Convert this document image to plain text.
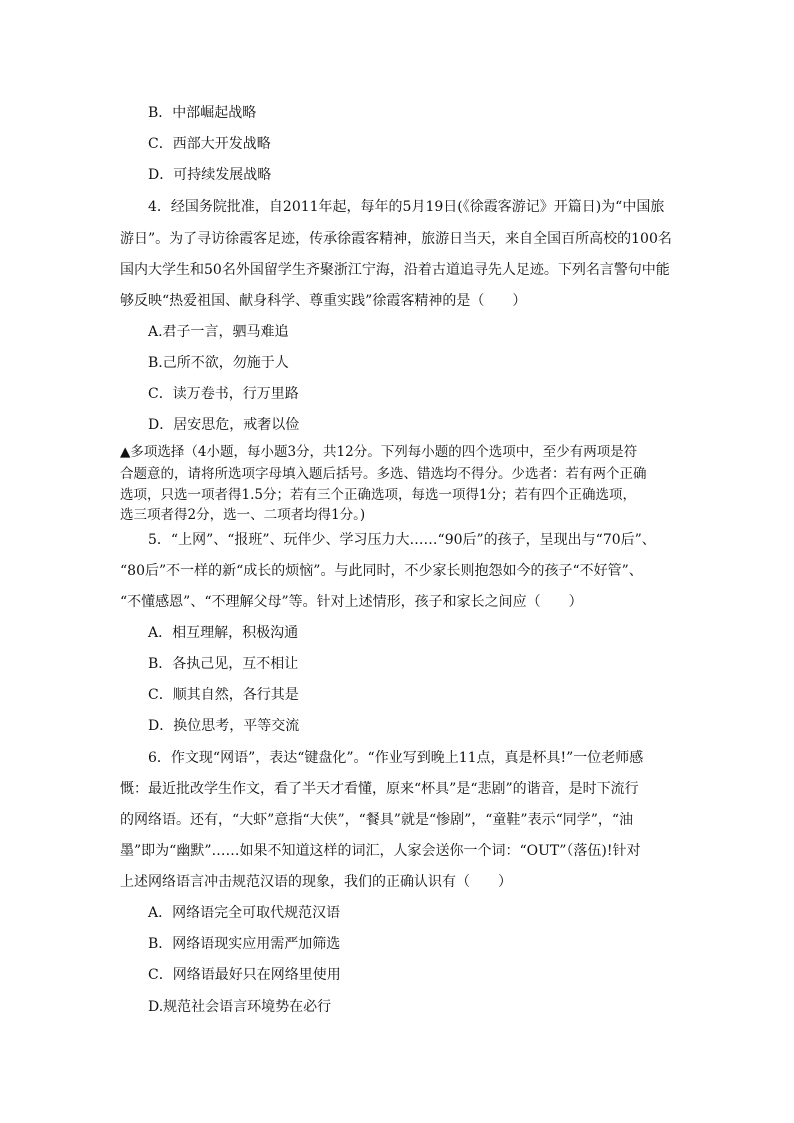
B．中部崛起战略
C．西部大开发战略
D．可持续发展战略
4．经国务院批准，自2011年起，每年的5月19日(《徐霞客游记》开篇日)为“中国旅
游日”。为了寻访徐霞客足迹，传承徐霞客精神，旅游日当天，来自全国百所高校的100名
国内大学生和50名外国留学生齐聚浙江宁海，沿着古道追寻先人足迹。下列名言警句中能
够反映“热爱祖国、献身科学、尊重实践”徐霞客精神的是（　　）
A.君子一言，驷马难追
B.己所不欲，勿施于人
C．读万卷书，行万里路
D．居安思危，戒奢以俭
▲多项选择（4小题，每小题3分，共12分。下列每小题的四个选项中，至少有两项是符
合题意的，请将所选项字母填入题后括号。多选、错选均不得分。少选者：若有两个正确
选项，只选一项者得1.5分；若有三个正确选项，每选一项得1分；若有四个正确选项，
选三项者得2分，选一、二项者均得1分。)
5．“上网”、“报班”、玩伴少、学习压力大……“90后”的孩子，呈现出与“70后”、
“80后”不一样的新“成长的烦恼”。与此同时，不少家长则抱怨如今的孩子“不好管”、
“不懂感恩”、“不理解父母”等。针对上述情形，孩子和家长之间应（　　）
A．相互理解，积极沟通
B．各执己见，互不相让
C．顺其自然，各行其是
D．换位思考，平等交流
6．作文现“网语”，表达“键盘化”。“作业写到晚上11点，真是杯具!”一位老师感
慨：最近批改学生作文，看了半天才看懂，原来“杯具”是“悲剧”的谐音，是时下流行
的网络语。还有，“大虾”意指“大侠”，“餐具”就是“惨剧”，“童鞋”表示“同学”，“油
墨”即为“幽默”……如果不知道这样的词汇，人家会送你一个词：“OUT”（落伍)!针对
上述网络语言冲击规范汉语的现象，我们的正确认识有（　　）
A．网络语完全可取代规范汉语
B．网络语现实应用需严加筛选
C．网络语最好只在网络里使用
D.规范社会语言环境势在必行
